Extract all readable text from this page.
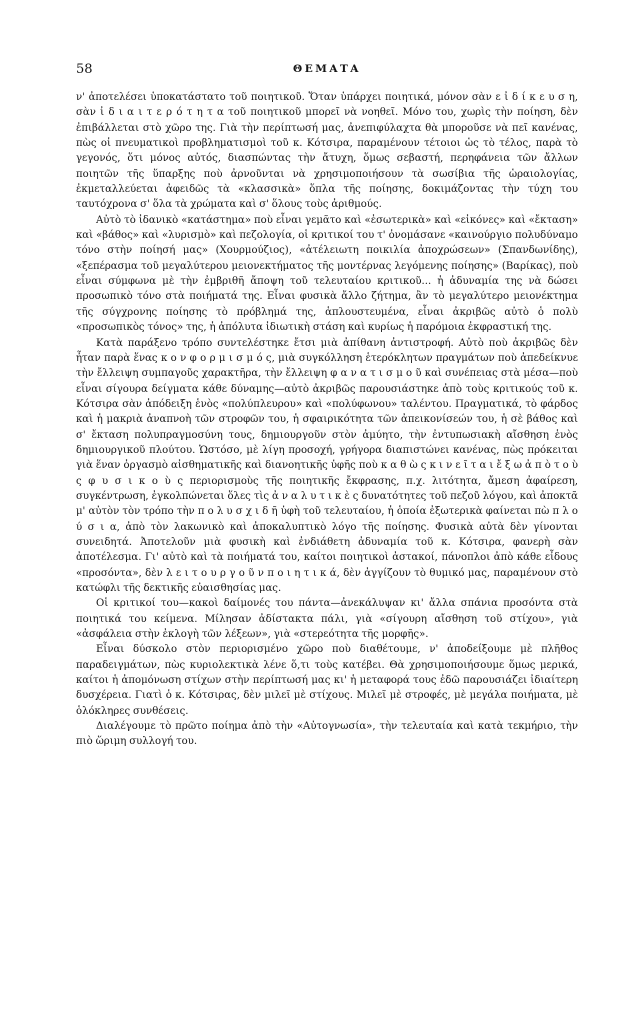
58	ΘΕΜΑΤΑ

ν' ἀποτελέσει ὑποκατάστατο τοῦ ποιητικοῦ. Ὅταν ὑπάρχει ποιητικά, μόνον σὰν ε ἰ δ ί κ ε υ σ η, σὰν ἰ δ ι α ι τ ε ρ ό τ η τ α τοῦ ποιητικοῦ μπορεῖ νὰ νοηθεῖ. Μόνο του, χωρὶς τὴν ποίηση, δὲν ἐπιβάλλεται στὸ χῶρο της. Γιὰ τὴν περίπτωσή μας, ἀνεπιφύλαχτα θὰ μποροῦσε νὰ πεῖ κανένας, πὼς οἱ πνευματικοὶ προβληματισμοὶ τοῦ κ. Κότσιρα, παραμένουν τέτοιοι ὡς τὸ τέλος, παρὰ τὸ γεγονός, ὅτι μόνος αὐτός, διασπώντας τὴν ἄτυχη, ὅμως σεβαστή, περηφάνεια τῶν ἄλλων ποιητῶν τῆς ὕπαρξης ποὺ ἀρνοῦνται νὰ χρησιμοποιήσουν τὰ σωσίβια τῆς ὡραιολογίας, ἐκμεταλλεύεται ἀφειδῶς τὰ «κλασσικὰ» ὅπλα τῆς ποίησης, δοκιμάζοντας τὴν τύχη του ταυτόχρονα σ' ὅλα τὰ χρώματα καὶ σ' ὅλους τοὺς ἀριθμούς.

Αὐτὸ τὸ ἰδανικὸ «κατάστημα» ποὺ εἶναι γεμᾶτο καὶ «ἐσωτερικὰ» καὶ «εἰκόνες» καὶ «ἔκταση» καὶ «βάθος» καὶ «λυρισμὸ» καὶ πεζολογία, οἱ κριτικοί του τ' ὀνομάσανε «καινούργιο πολυδύναμο τόνο στὴν ποίησή μας» (Χουρμούζιος), «ἀτέλειωτη ποικιλία ἀποχρώσεων» (Σπανδωνίδης), «ξεπέρασμα τοῦ μεγαλύτερου μειονεκτήματος τῆς μοντέρνας λεγόμενης ποίησης» (Βαρίκας), ποὺ εἶναι σύμφωνα μὲ τὴν ἐμβριθῆ ἄποψη τοῦ τελευταίου κριτικοῦ... ἡ ἀδυναμία της νὰ δώσει προσωπικὸ τόνο στὰ ποιήματά της. Εἶναι φυσικὰ ἄλλο ζήτημα, ἂν τὸ μεγαλύτερο μειονέκτημα τῆς σύγχρονης ποίησης τὸ πρόβλημά της, ἁπλουστευμένα, εἶναι ἀκριβῶς αὐτὸ ὁ πολὺ «προσωπικὸς τόνος» της, ἡ ἀπόλυτα ἰδιωτικὴ στάση καὶ κυρίως ἡ παρόμοια ἐκφραστική της.

Κατὰ παράξενο τρόπο συντελέστηκε ἔτσι μιὰ ἀπίθανη ἀντιστροφή. Αὐτὸ ποὺ ἀκριβῶς δὲν ἦταν παρὰ ἕνας κ ο ν φ ο ρ μ ι σ μ ό ς, μιὰ συγκόλληση ἑτερόκλητων πραγμάτων ποὺ ἀπεδείκνυε τὴν ἔλλειψη συμπαγοῦς χαρακτῆρα, τὴν ἔλλειψη φ α ν α τ ι σ μ ο ῦ καὶ συνέπειας στὰ μέσα—ποὺ εἶναι σίγουρα δείγματα κάθε δύναμης—αὐτὸ ἀκριβῶς παρουσιάστηκε ἀπὸ τοὺς κριτικούς τοῦ κ. Κότσιρα σὰν ἀπόδειξη ἑνὸς «πολύπλευρου» καὶ «πολύφωνου» ταλέντου. Πραγματικά, τὸ φάρδος καὶ ἡ μακριὰ ἀναπνοὴ τῶν στροφῶν του, ἡ σφαιρικότητα τῶν ἀπεικονίσεών του, ἡ σὲ βάθος καὶ σ' ἔκταση πολυπραγμοσύνη τους, δημιουργοῦν στὸν ἀμύητο, τὴν ἐντυπωσιακὴ αἴσθηση ἑνὸς δημιουργικοῦ πλούτου. Ὡστόσο, μὲ λίγη προσοχή, γρήγορα διαπιστώνει κανένας, πὼς πρόκειται γιὰ ἕναν ὀργασμὸ αἰσθηματικῆς καὶ διανοητικῆς ὑφῆς ποὺ κ α θ ὼ ς κ ι ν ε ῖ τ α ι ἔ ξ ω ἀ π ὸ τ ο ὺ ς φ υ σ ι κ ο ὺ ς περιορισμοὺς τῆς ποιητικῆς ἔκφρασης, π.χ. λιτότητα, ἄμεση ἀφαίρεση, συγκέντρωση, ἐγκολπώνεται ὅλες τὶς ἀ ν α λ υ τ ι κ ὲ ς δυνατότητες τοῦ πεζοῦ λόγου, καὶ ἀποκτᾶ μ' αὐτὸν τὸν τρόπο τὴν π ο λ υ σ χ ι δ ῆ ὑφὴ τοῦ τελευταίου, ἡ ὁποία ἐξωτερικὰ φαίνεται πὼ π λ ο ύ σ ι α, ἀπὸ τὸν λακωνικὸ καὶ ἀποκαλυπτικὸ λόγο τῆς ποίησης. Φυσικὰ αὐτὰ δὲν γίνονται συνειδητά. Ἀποτελοῦν μιὰ φυσικὴ καὶ ἐνδιάθετη ἀδυναμία τοῦ κ. Κότσιρα, φανερὴ σὰν ἀποτέλεσμα. Γι' αὐτὸ καὶ τὰ ποιήματά του, καίτοι ποιητικοὶ ἀστακοί, πάνοπλοι ἀπὸ κάθε εἶδους «προσόντα», δὲν λ ε ι τ ο υ ρ γ ο ῦ ν π ο ι η τ ι κ ά, δὲν ἀγγίζουν τὸ θυμικό μας, παραμένουν στὸ κατώφλι τῆς δεκτικῆς εὐαισθησίας μας.

Οἱ κριτικοί του—κακοὶ δαίμονές του πάντα—ἀνεκάλυψαν κι' ἄλλα σπάνια προσόντα στὰ ποιητικά του κείμενα. Μίλησαν ἀδίστακτα πάλι, γιὰ «σίγουρη αἴσθηση τοῦ στίχου», γιὰ «ἀσφάλεια στὴν ἐκλογὴ τῶν λέξεων», γιὰ «στερεότητα τῆς μορφῆς».

Εἶναι δύσκολο στὸν περιορισμένο χῶρο ποὺ διαθέτουμε, ν' ἀποδείξουμε μὲ πλῆθος παραδειγμάτων, πὼς κυριολεκτικὰ λένε ὅ,τι τοὺς κατέβει. Θὰ χρησιμοποιήσουμε ὅμως μερικά, καίτοι ἡ ἀπομόνωση στίχων στὴν περίπτωσή μας κι' ἡ μεταφορά τους ἐδῶ παρουσιάζει ἰδιαίτερη δυσχέρεια. Γιατὶ ὁ κ. Κότσιρας, δὲν μιλεῖ μὲ στίχους. Μιλεῖ μὲ στροφές, μὲ μεγάλα ποιήματα, μὲ ὁλόκληρες συνθέσεις.

Διαλέγουμε τὸ πρῶτο ποίημα ἀπὸ τὴν «Αὐτογνωσία», τὴν τελευταία καὶ κατὰ τεκμήριο, τὴν πιὸ ὥριμη συλλογή του.
